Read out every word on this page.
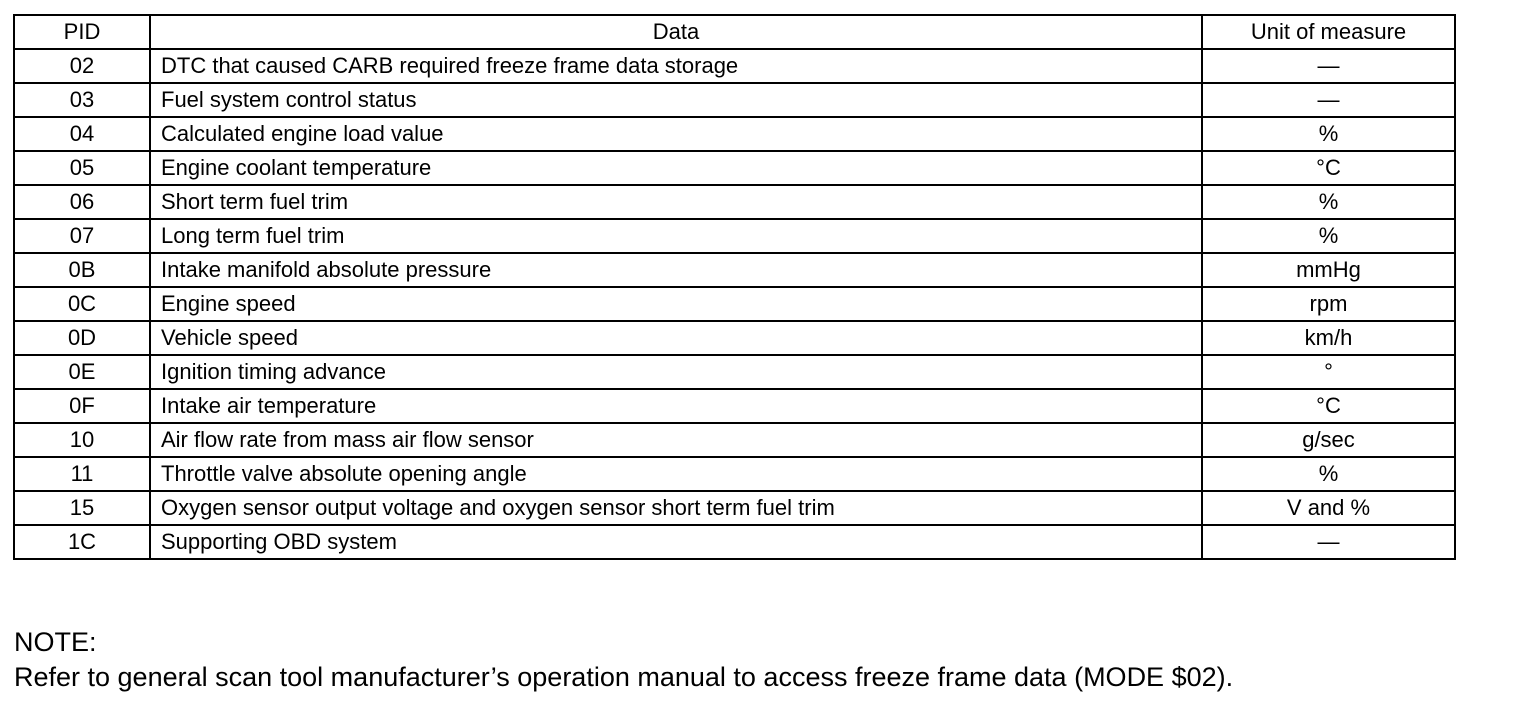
PID	Data	Unit of measure
02	DTC that caused CARB required freeze frame data storage	—
03	Fuel system control status	—
04	Calculated engine load value	%
05	Engine coolant temperature	°C
06	Short term fuel trim	%
07	Long term fuel trim	%
0B	Intake manifold absolute pressure	mmHg
0C	Engine speed	rpm
0D	Vehicle speed	km/h
0E	Ignition timing advance	°
0F	Intake air temperature	°C
10	Air flow rate from mass air flow sensor	g/sec
11	Throttle valve absolute opening angle	%
15	Oxygen sensor output voltage and oxygen sensor short term fuel trim	V and %
1C	Supporting OBD system	—
NOTE:
Refer to general scan tool manufacturer’s operation manual to access freeze frame data (MODE $02).
